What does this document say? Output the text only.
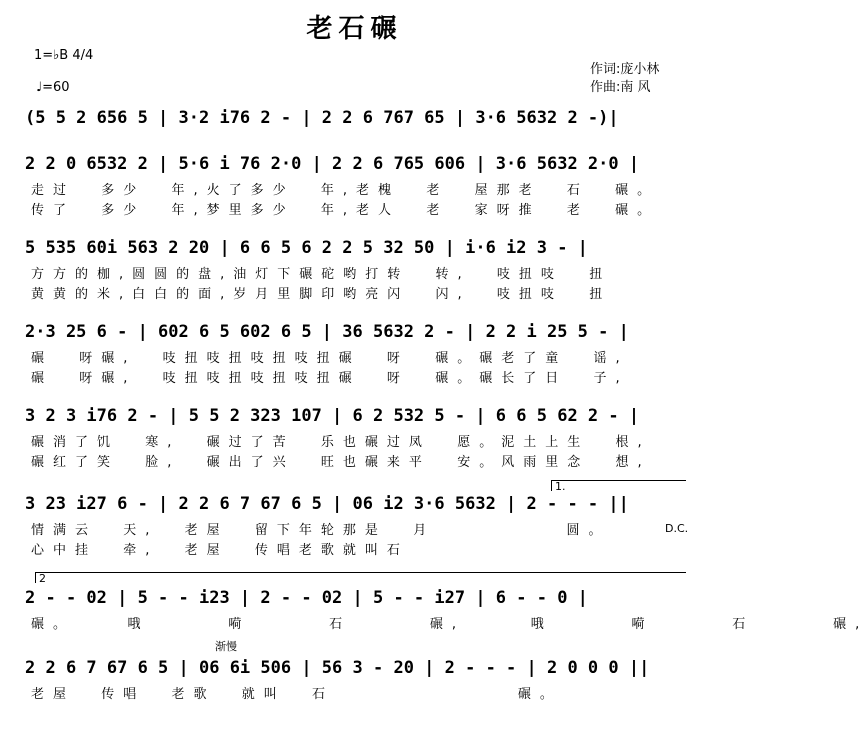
老石碾
1=♭B 4/4
♩=60
作词:庞小林
作曲:南 风
(5 5 2 656 5 | 3·2 i76 2 - | 2 2 6 767 65 | 3·6 5632 2 -)|
2 2 0 6532 2 | 5·6 i 76 2·0 | 2 2 6 765 606 | 3·6 5632 2·0 |
走过  多少  年,火了多少  年,老槐  老  屋那老  石  碾。
传了  多少  年,梦里多少  年,老人  老  家呀推  老  碾。
5 535 60i 563 2 20 | 6 6 5 6 2 2 5 32 50 | i·6 i2 3 - |
方方的枷,圆圆的盘,油灯下碾砣哟打转  转,  吱扭吱  扭
黄黄的米,白白的面,岁月里脚印哟亮闪  闪,  吱扭吱  扭
2·3 25 6 - | 602 6 5 602 6 5 | 36 5632 2 - | 2 2 i 25 5 - |
碾  呀碾,  吱扭吱扭吱扭吱扭碾  呀  碾。碾老了童  谣,
碾  呀碾,  吱扭吱扭吱扭吱扭碾  呀  碾。碾长了日  子,
3 2 3 i76 2 - | 5 5 2 323 107 | 6 2 532 5 - | 6 6 5 62 2 - |
碾消了饥  寒,  碾过了苦  乐也碾过凤  愿。泥土上生  根,
碾红了笑  脸,  碾出了兴  旺也碾来平  安。风雨里念  想,
1.
D.C.
3 23 i27 6 - | 2 2 6 7 67 6 5 | 06 i2 3·6 5632 | 2 - - - ||
情满云  天,  老屋  留下年轮那是  月          圆。
心中挂  牵,  老屋  传唱老歌就叫石
2
2 - - 02 | 5 - - i23 | 2 - - 02 | 5 - - i27 | 6 - - 0 |
碾。    哦      嗬      石      碾,     哦      嗬      石      碾,
渐慢
2 2 6 7 67 6 5 | 06 6i 506 | 56 3 - 20 | 2 - - - | 2 0 0 0 ||
老屋  传唱  老歌  就叫  石              碾。
